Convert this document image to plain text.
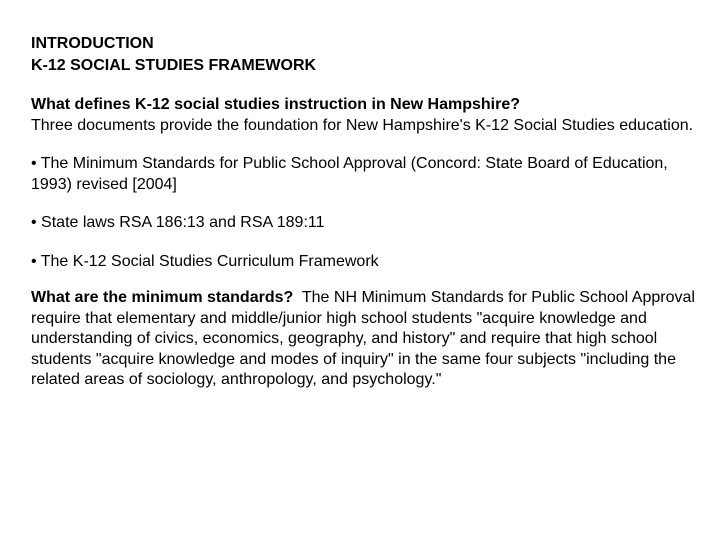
INTRODUCTION
K-12 SOCIAL STUDIES FRAMEWORK

What defines K-12 social studies instruction in New Hampshire?

Three documents provide the foundation for New Hampshire's K-12 Social Studies education.

• The Minimum Standards for Public School Approval (Concord: State Board of Education, 1993) revised [2004]

• State laws RSA 186:13 and RSA 189:11

• The K-12 Social Studies Curriculum Framework

What are the minimum standards?  The NH Minimum Standards for Public School Approval require that elementary and middle/junior high school students "acquire knowledge and understanding of civics, economics, geography, and history" and require that high school students "acquire knowledge and modes of inquiry" in the same four subjects "including the related areas of sociology, anthropology, and psychology."
